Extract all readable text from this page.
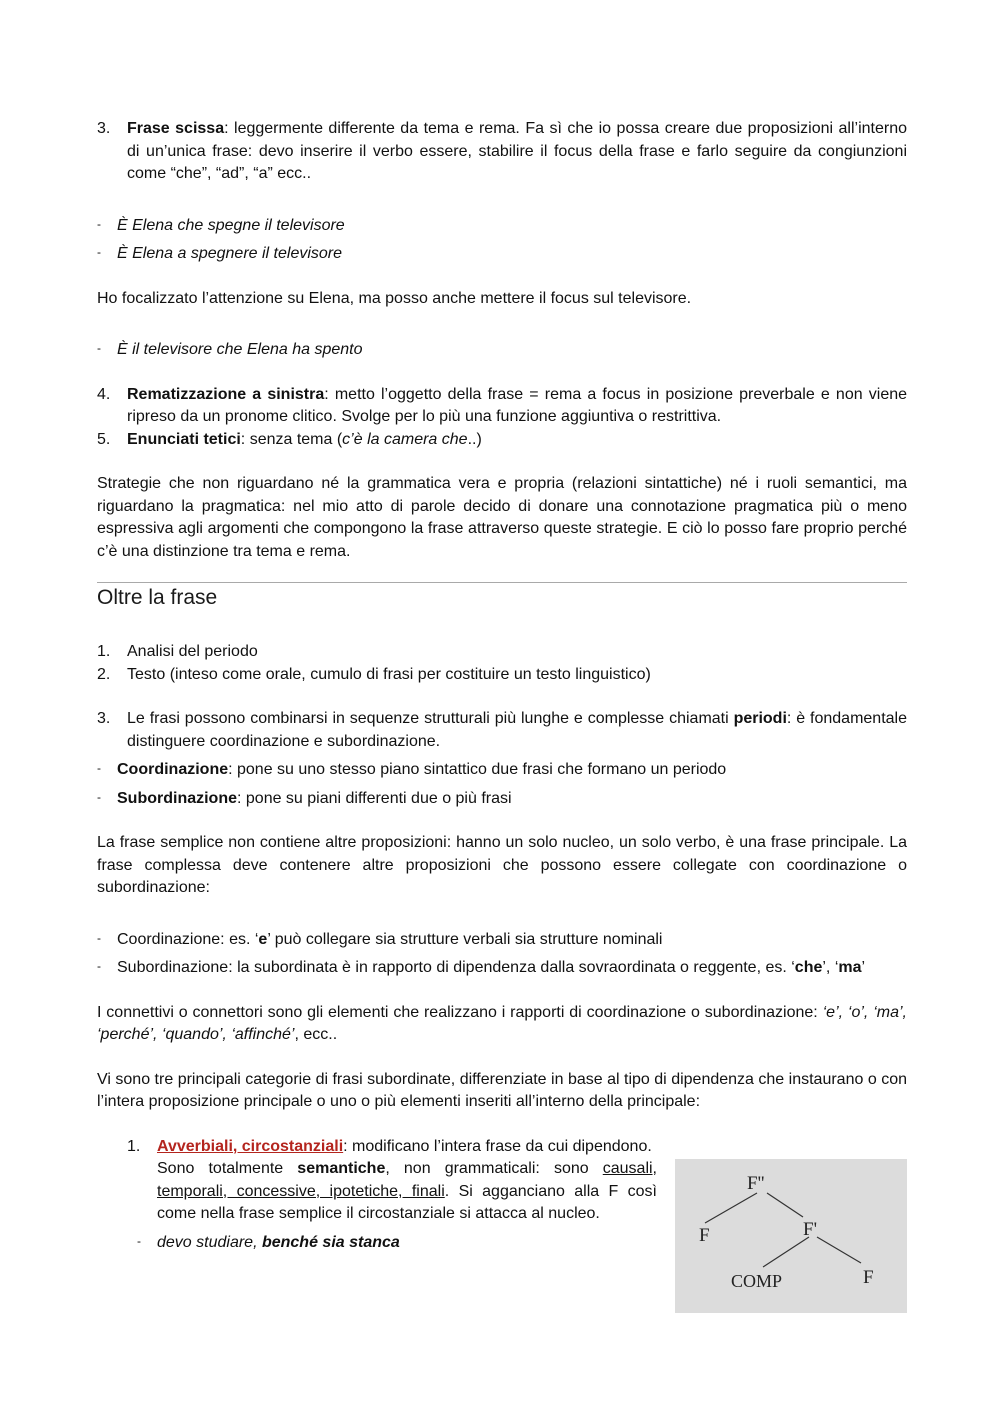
3.	Frase scissa: leggermente differente da tema e rema. Fa sì che io possa creare due proposizioni all’interno di un’unica frase: devo inserire il verbo essere, stabilire il focus della frase e farlo seguire da congiunzioni come “che”, “ad”, “a” ecc..
-	È Elena che spegne il televisore
-	È Elena a spegnere il televisore

Ho focalizzato l’attenzione su Elena, ma posso anche mettere il focus sul televisore.

-	È il televisore che Elena ha spento
4.	Rematizzazione a sinistra: metto l’oggetto della frase = rema a focus in posizione preverbale e non viene ripreso da un pronome clitico. Svolge per lo più una funzione aggiuntiva o restrittiva.
5.	Enunciati tetici: senza tema (c’è la camera che..)

Strategie che non riguardano né la grammatica vera e propria (relazioni sintattiche) né i ruoli semantici, ma riguardano la pragmatica: nel mio atto di parole decido di donare una connotazione pragmatica più o meno espressiva agli argomenti che compongono la frase attraverso queste strategie. E ciò lo posso fare proprio perché c’è una distinzione tra tema e rema.

Oltre la frase
1.	Analisi del periodo
2.	Testo (inteso come orale, cumulo di frasi per costituire un testo linguistico)
3.	Le frasi possono combinarsi in sequenze strutturali più lunghe e complesse chiamati periodi: è fondamentale distinguere coordinazione e subordinazione.
-	Coordinazione: pone su uno stesso piano sintattico due frasi che formano un periodo
-	Subordinazione: pone su piani differenti due o più frasi

La frase semplice non contiene altre proposizioni: hanno un solo nucleo, un solo verbo, è una frase principale. La frase complessa deve contenere altre proposizioni che possono essere collegate con coordinazione o subordinazione:

-	Coordinazione: es. ‘e’ può collegare sia strutture verbali sia strutture nominali
-	Subordinazione: la subordinata è in rapporto di dipendenza dalla sovraordinata o reggente, es. ‘che’, ‘ma’

I connettivi o connettori sono gli elementi che realizzano i rapporti di coordinazione o subordinazione: ‘e’, ‘o’, ‘ma’, ‘perché’, ‘quando’, ‘affinché’, ecc..

Vi sono tre principali categorie di frasi subordinate, differenziate in base al tipo di dipendenza che instaurano o con l’intera proposizione principale o uno o più elementi inseriti all’interno della principale:

1.	Avverbiali, circostanziali: modificano l’intera frase da cui dipendono.
Sono totalmente semantiche, non grammaticali: sono causali, temporali, concessive, ipotetiche, finali. Si agganciano alla F così come nella frase semplice il circostanziale si attacca al nucleo.
-	devo studiare, benché sia stanca
F''
F	F'
COMP	F
